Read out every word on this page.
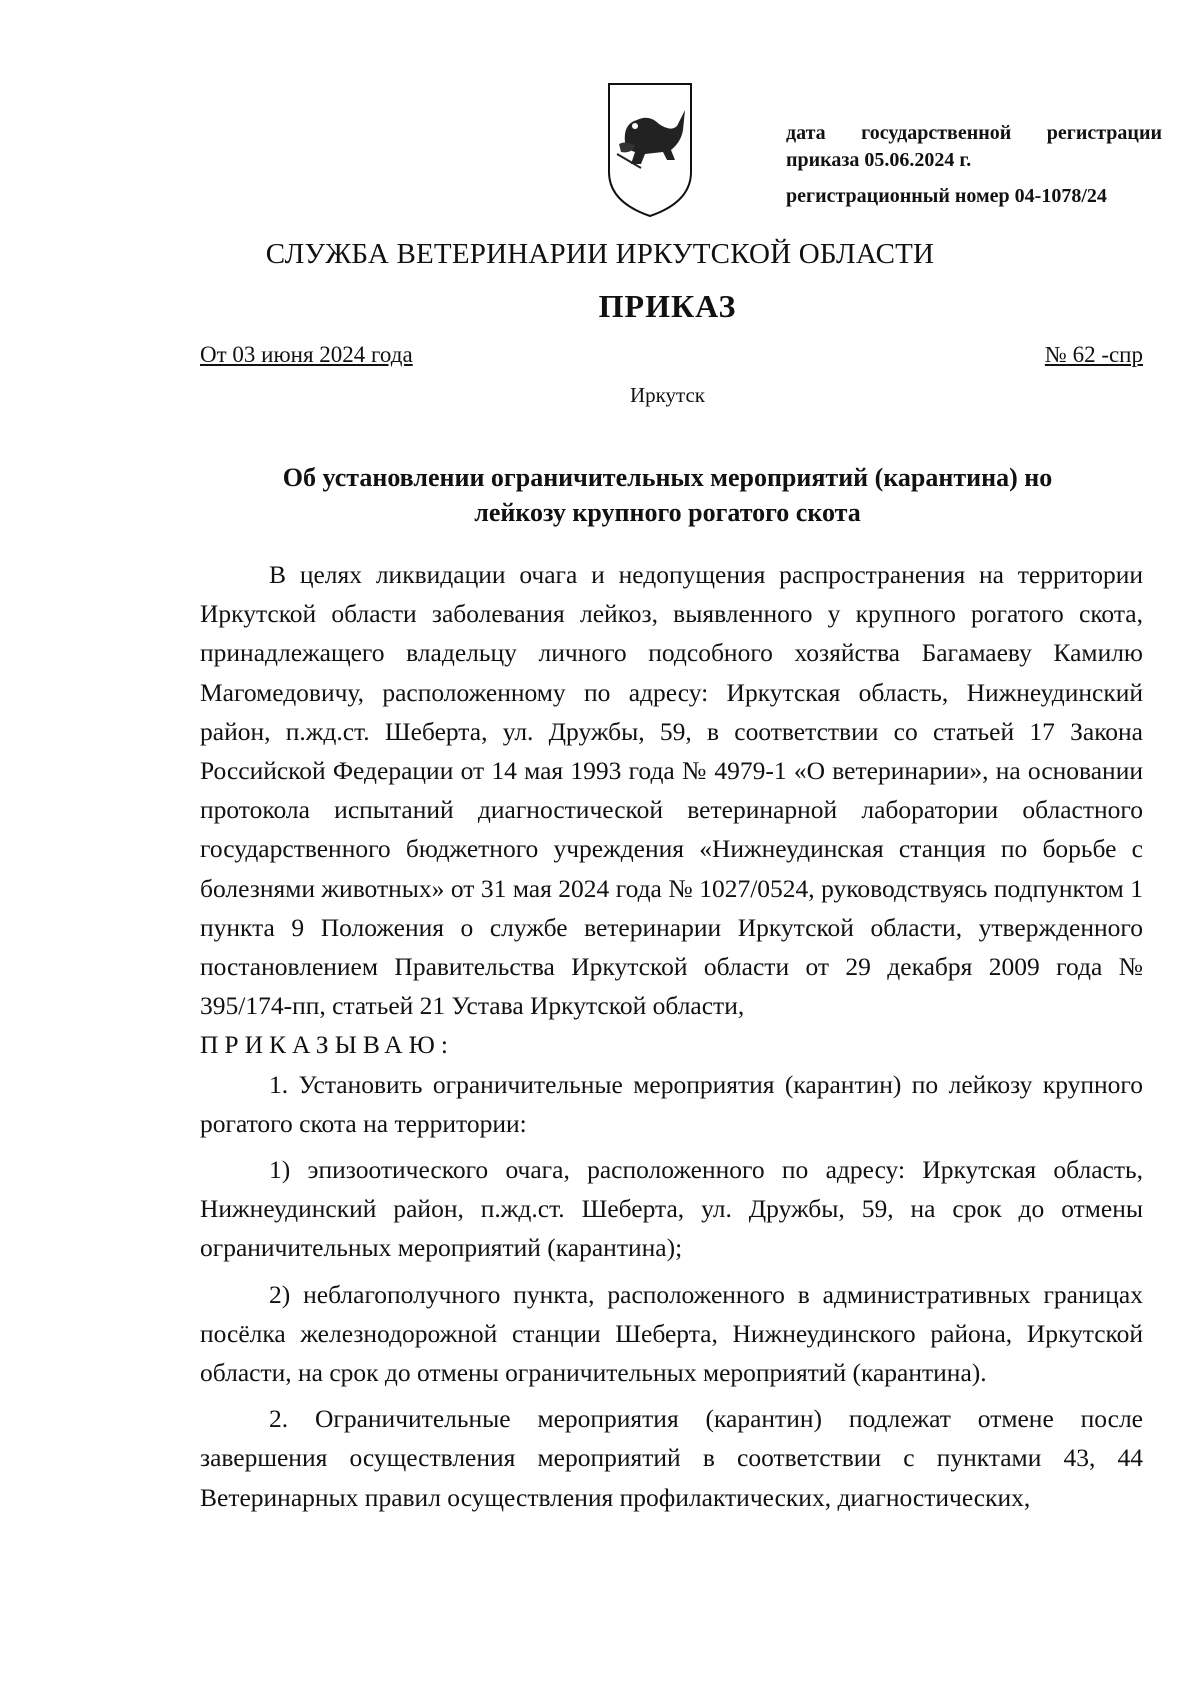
дата государственной регистрации
приказа 05.06.2024 г.
регистрационный номер 04-1078/24
СЛУЖБА ВЕТЕРИНАРИИ ИРКУТСКОЙ ОБЛАСТИ
ПРИКАЗ
От 03 июня 2024 года	№ 62 -спр
Иркутск
Об установлении ограничительных мероприятий (карантина) но
лейкозу крупного рогатого скота

В целях ликвидации очага и недопущения распространения на территории Иркутской области заболевания лейкоз, выявленного у крупного рогатого скота, принадлежащего владельцу личного подсобного хозяйства Багамаеву Камилю Магомедовичу, расположенному по адресу: Иркутская область, Нижнеудинский район, п.жд.ст. Шеберта, ул. Дружбы, 59, в соответствии со статьей 17 Закона Российской Федерации от 14 мая 1993 года № 4979-1 «О ветеринарии», на основании протокола испытаний диагностической ветеринарной лаборатории областного государственного бюджетного учреждения «Нижнеудинская станция по борьбе с болезнями животных» от 31 мая 2024 года № 1027/0524, руководствуясь подпунктом 1 пункта 9 Положения о службе ветеринарии Иркутской области, утвержденного постановлением Правительства Иркутской области от 29 декабря 2009 года № 395/174-пп, статьей 21 Устава Иркутской области,

ПРИКАЗЫВАЮ:

1. Установить ограничительные мероприятия (карантин) по лейкозу крупного рогатого скота на территории:

1) эпизоотического очага, расположенного по адресу: Иркутская область, Нижнеудинский район, п.жд.ст. Шеберта, ул. Дружбы, 59, на срок до отмены ограничительных мероприятий (карантина);

2) неблагополучного пункта, расположенного в административных границах посёлка железнодорожной станции Шеберта, Нижнеудинского района, Иркутской области, на срок до отмены ограничительных мероприятий (карантина).

2. Ограничительные мероприятия (карантин) подлежат отмене после завершения осуществления мероприятий в соответствии с пунктами 43, 44 Ветеринарных правил осуществления профилактических, диагностических,
